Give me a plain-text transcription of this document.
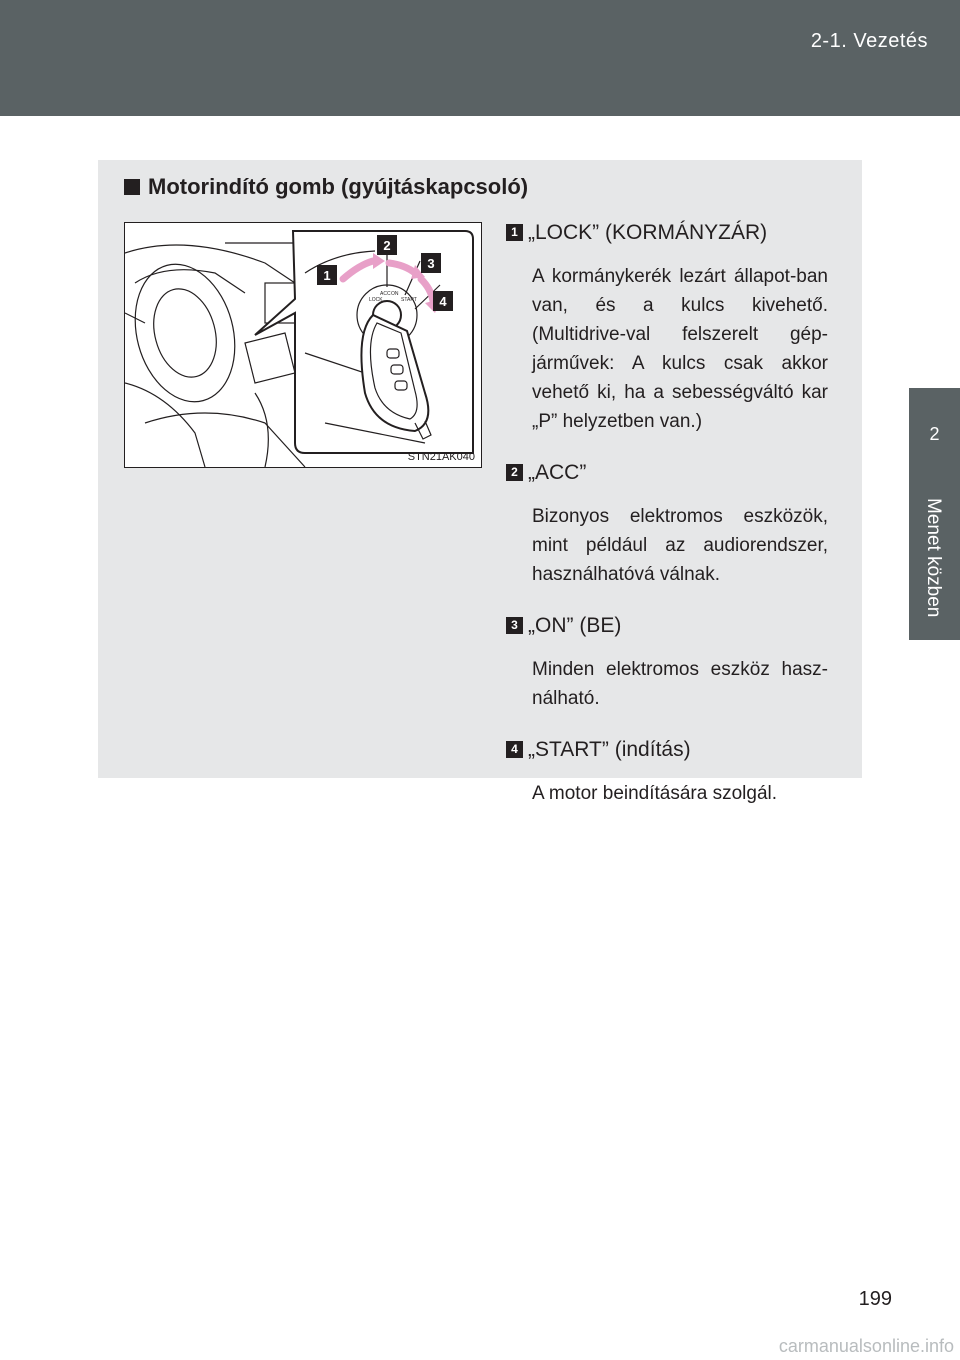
2-1. Vezetés
2
Menet közben
Motorindító gomb (gyújtáskapcsoló)
1
2
3
4
LOCK
ACC ON
START
STN21AK040
1 „LOCK” (KORMÁNYZÁR)
A kormánykerék lezárt állapot-ban van, és a kulcs kivehető. (Multidrive-val felszerelt gép-járművek: A kulcs csak akkor vehető ki, ha a sebességváltó kar „P” helyzetben van.)
2 „ACC”
Bizonyos elektromos eszközök, mint például az audiorendszer, használhatóvá válnak.
3 „ON” (BE)
Minden elektromos eszköz hasz-nálható.
4 „START” (indítás)
A motor beindítására szolgál.
199
carmanualsonline.info
